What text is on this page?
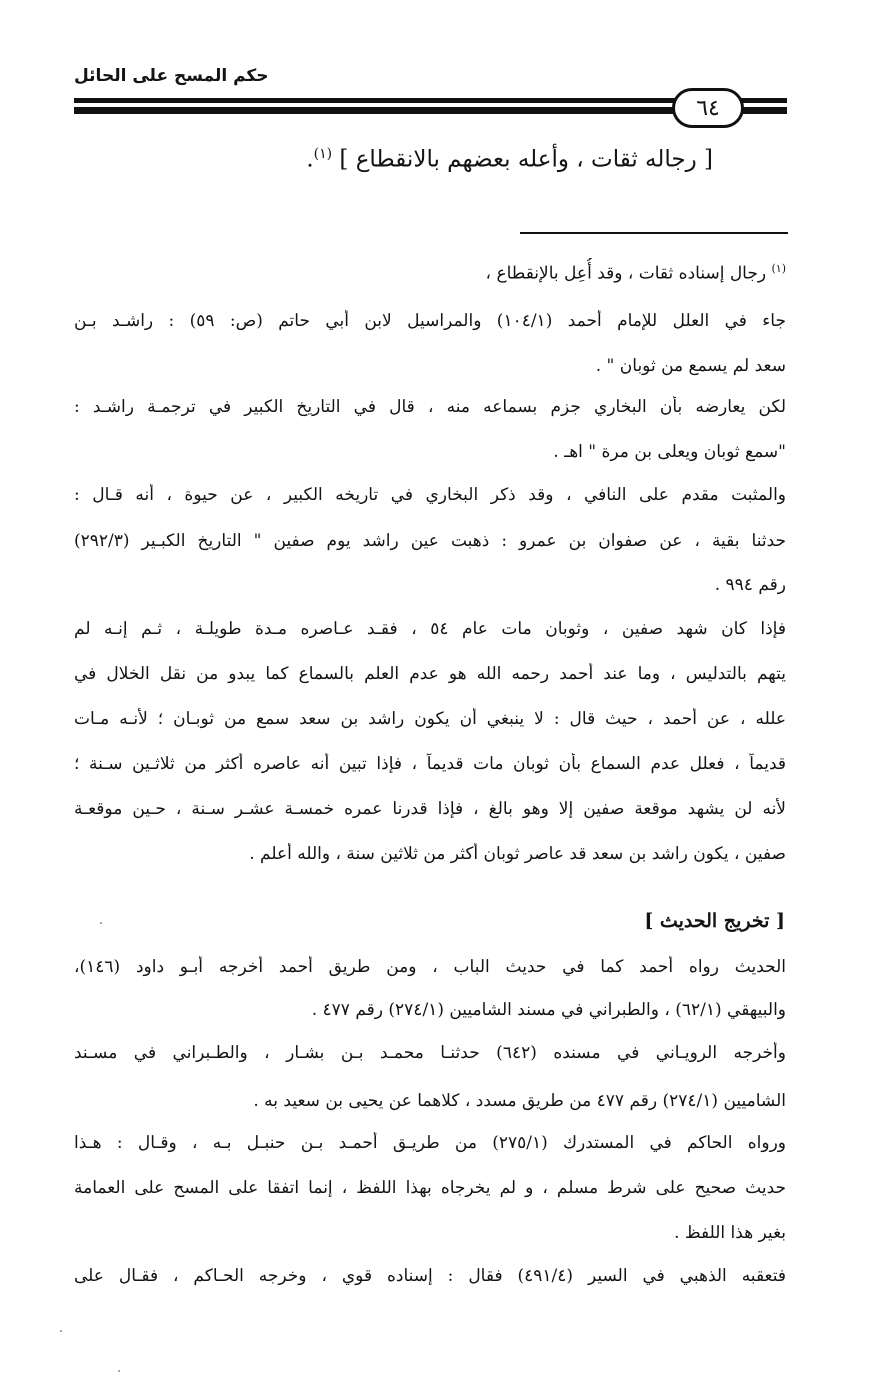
حكم المسح على الحائل
٦٤
[ رجاله ثقات ، وأعله بعضهم بالانقطاع ] $^{(١)}$.
$^{(١)}$ رجال إسناده ثقات ، وقد أُعِل بالإنقطاع ،
جاء في العلل للإمام أحمد (١٠٤/١) والمراسيل لابن أبي حاتم (ص: ٥٩) : راشـد بـن
سعد لم يسمع من ثوبان " .
لكن يعارضه بأن البخاري جزم بسماعه منه ، قال في التاريخ الكبير في ترجمـة راشـد :
"سمع ثوبان ويعلى بن مرة " اهـ .
والمثبت مقدم على النافي ، وقد ذكر البخاري في تاريخه الكبير ، عن حيوة ، أنه قـال :
حدثنا بقية ، عن صفوان بن عمرو : ذهبت عين راشد يوم صفين " التاريخ الكبـير (٢٩٢/٣)
رقم ٩٩٤ .
فإذا كان شهد صفين ، وثوبان مات عام ٥٤ ، فقـد عـاصره مـدة طويلـة ، ثـم إنـه لم
يتهم بالتدليس ، وما عند أحمد رحمه الله هو عدم العلم بالسماع كما يبدو من نقل الخلال في
علله ، عن أحمد ، حيث قال : لا ينبغي أن يكون راشد بن سعد سمع من ثوبـان ؛ لأنـه مـات
قديماً ، فعلل عدم السماع بأن ثوبان مات قديماً ، فإذا تبين أنه عاصره أكثر من ثلاثـين سـنة ؛
لأنه لن يشهد موقعة صفين إلا وهو بالغ ، فإذا قدرنا عمره خمسـة عشـر سـنة ، حـين موقعـة
صفين ، يكون راشد بن سعد قد عاصر ثوبان أكثر من ثلاثين سنة ، والله أعلم .
[ تخريج الحديث ]
الحديث رواه أحمد كما في حديث الباب ، ومن طريق أحمد أخرجه أبـو داود (١٤٦)،
والبيهقي (٦٢/١) ، والطبراني في مسند الشاميين (٢٧٤/١) رقم ٤٧٧ .
وأخرجه الرويـاني في مسنده (٦٤٢) حدثنـا محمـد بـن بشـار ، والطـبراني في مسـند
الشاميين (٢٧٤/١) رقم ٤٧٧ من طريق مسدد ، كلاهما عن يحيى بن سعيد به .
ورواه الحاكم في المستدرك (٢٧٥/١) من طريـق أحمـد بـن حنبـل بـه ، وقـال : هـذا
حديث صحيح على شرط مسلم ، و لم يخرجاه بهذا اللفظ ، إنما اتفقا على المسح على العمامة
بغير هذا اللفظ .
فتعقبه الذهبي في السير (٤٩١/٤) فقال : إسناده قوي ، وخرجه الحـاكم ، فقـال على
